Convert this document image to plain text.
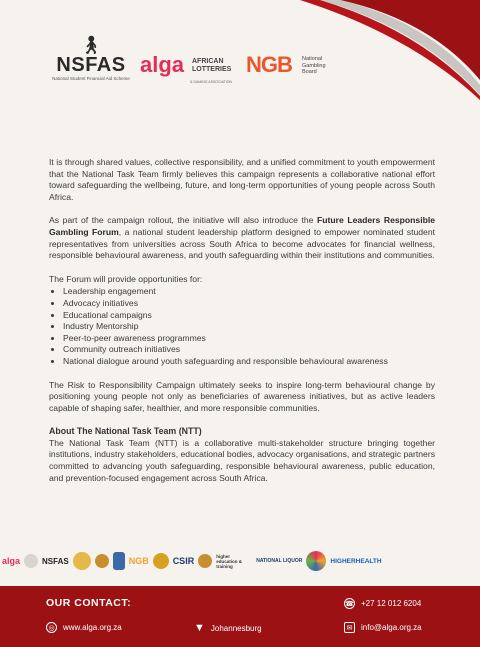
🚶︎
NSFAS
National Student Financial Aid Scheme
alga	AFRICAN
LOTTERIES
& GAMING ASSOCIATION
NGB	National
Gambling
Board

It is through shared values, collective responsibility, and a unified commitment to youth empowerment that the National Task Team firmly believes this campaign represents a collaborative national effort toward safeguarding the wellbeing, future, and long-term opportunities of young people across South Africa.

As part of the campaign rollout, the initiative will also introduce the Future Leaders Responsible Gambling Forum, a national student leadership platform designed to empower nominated student representatives from universities across South Africa to become advocates for financial wellness, responsible behavioural awareness, and youth safeguarding within their institutions and communities.

The Forum will provide opportunities for:
• Leadership engagement
• Advocacy initiatives
• Educational campaigns
• Industry Mentorship
• Peer-to-peer awareness programmes
• Community outreach initiatives
• National dialogue around youth safeguarding and responsible behavioural awareness

The Risk to Responsibility Campaign ultimately seeks to inspire long-term behavioural change by positioning young people not only as beneficiaries of awareness initiatives, but as active leaders capable of shaping safer, healthier, and more responsible communities.

About The National Task Team (NTT)

The National Task Team (NTT) is a collaborative multi-stakeholder structure bringing together institutions, industry stakeholders, educational bodies, advocacy organisations, and strategic partners committed to advancing youth safeguarding, responsible behavioural awareness, public education, and prevention-focused engagement across South Africa.

alga	NSFAS	NGB	CSIR	higher education & training
NATIONAL LIQUOR	HIGHERHEALTH
OUR CONTACT:	☎ +27 12 012 6204
◎	www.alga.org.za	▼ Johannesburg	✉	info@alga.org.za
